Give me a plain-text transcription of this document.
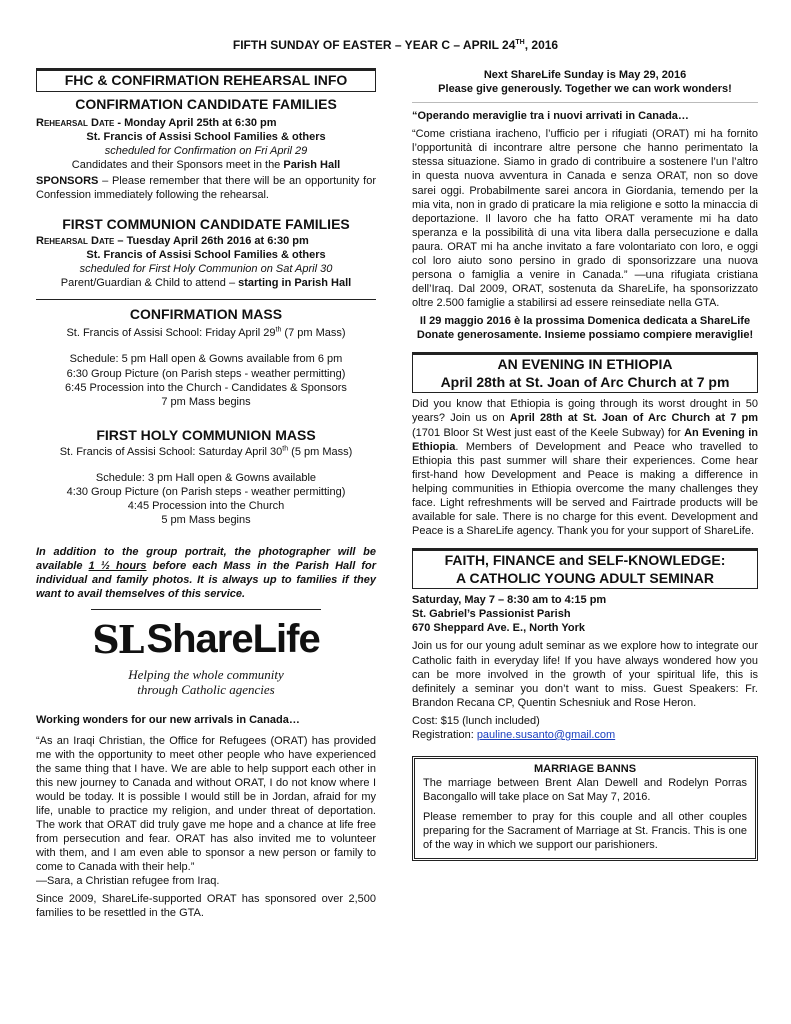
FIFTH SUNDAY OF EASTER – YEAR C – APRIL 24TH, 2016
FHC & CONFIRMATION REHEARSAL INFO
CONFIRMATION CANDIDATE FAMILIES
Rehearsal Date - Monday April 25th at 6:30 pm
St. Francis of Assisi School Families & others
scheduled for Confirmation on Fri April 29
Candidates and their Sponsors meet in the Parish Hall

SPONSORS – Please remember that there will be an opportunity for Confession immediately following the rehearsal.

FIRST COMMUNION CANDIDATE FAMILIES
Rehearsal Date – Tuesday April 26th 2016 at 6:30 pm
St. Francis of Assisi School Families & others
scheduled for First Holy Communion on Sat April 30
Parent/Guardian & Child to attend – starting in Parish Hall
CONFIRMATION MASS
St. Francis of Assisi School: Friday April 29th (7 pm Mass)
Schedule: 5 pm Hall open & Gowns available from 6 pm
6:30 Group Picture (on Parish steps - weather permitting)
6:45 Procession into the Church - Candidates & Sponsors
7 pm Mass begins
FIRST HOLY COMMUNION MASS
St. Francis of Assisi School: Saturday April 30th (5 pm Mass)
Schedule: 3 pm Hall open & Gowns available
4:30 Group Picture (on Parish steps - weather permitting)
4:45 Procession into the Church
5 pm Mass begins

In addition to the group portrait, the photographer will be available 1 ½ hours before each Mass in the Parish Hall for individual and family photos. It is always up to families if they want to avail themselves of this service.

SL ShareLife
Helping the whole community
through Catholic agencies
Working wonders for our new arrivals in Canada…

“As an Iraqi Christian, the Office for Refugees (ORAT) has provided me with the opportunity to meet other people who have experienced the same thing that I have. We are able to help support each other in this new journey to Canada and without ORAT, I do not know where I would be today. It is possible I would still be in Jordan, afraid for my life, unable to practice my religion, and under threat of deportation. The work that ORAT did truly gave me hope and a chance at life free from persecution and fear. ORAT has also invited me to volunteer with them, and I am even able to sponsor a new person or family to come to Canada with their help.”

—Sara, a Christian refugee from Iraq.

Since 2009, ShareLife-supported ORAT has sponsored over 2,500 families to be resettled in the GTA.

Next ShareLife Sunday is May 29, 2016
Please give generously. Together we can work wonders!
“Operando meraviglie tra i nuovi arrivati in Canada…

“Come cristiana iracheno, l’ufficio per i rifugiati (ORAT) mi ha fornito l’opportunità di incontrare altre persone che hanno perimentato la stessa situazione. Siamo in grado di contribuire a sostenere l’un l’altro in questa nuova avventura in Canada e senza ORAT, non so dove sarei oggi. Probabilmente sarei ancora in Giordania, temendo per la mia vita, non in grado di praticare la mia religione e sotto la minaccia di deportazione. Il lavoro che ha fatto ORAT veramente mi ha dato speranza e la possibilità di una vita libera dalla persecuzione e dalla paura. ORAT mi ha anche invitato a fare volontariato con loro, e oggi col loro aiuto sono persino in grado di sponsorizzare una nuova persona o famiglia a venire in Canada.” —una rifugiata cristiana dell’Iraq. Dal 2009, ORAT, sostenuta da ShareLife, ha sponsorizzato oltre 2.500 famiglie a stabilirsi ad essere reinsediate nella GTA.

Il 29 maggio 2016 è la prossima Domenica dedicata a ShareLife
Donate generosamente. Insieme possiamo compiere meraviglie!
AN EVENING IN ETHIOPIA
April 28th at St. Joan of Arc Church at 7 pm

Did you know that Ethiopia is going through its worst drought in 50 years? Join us on April 28th at St. Joan of Arc Church at 7 pm (1701 Bloor St West just east of the Keele Subway) for An Evening in Ethiopia. Members of Development and Peace who travelled to Ethiopia this past summer will share their experiences. Come hear first-hand how Development and Peace is making a difference in helping communities in Ethiopia overcome the many challenges they face. Light refreshments will be served and Fairtrade products will be available for sale. There is no charge for this event. Development and Peace is a ShareLife agency. Thank you for your support of ShareLife.

FAITH, FINANCE and SELF-KNOWLEDGE:
A CATHOLIC YOUNG ADULT SEMINAR
Saturday, May 7 – 8:30 am to 4:15 pm
St. Gabriel’s Passionist Parish
670 Sheppard Ave. E., North York

Join us for our young adult seminar as we explore how to integrate our Catholic faith in everyday life! If you have always wondered how you can be more involved in the growth of your spiritual life, this is definitely a seminar you don’t want to miss. Guest Speakers: Fr. Brandon Recana CP, Quentin Schesniuk and Rose Heron.

Cost: $15 (lunch included)
Registration: pauline.susanto@gmail.com
MARRIAGE BANNS

The marriage between Brent Alan Dewell and Rodelyn Porras Bacongallo will take place on Sat May 7, 2016.

Please remember to pray for this couple and all other couples preparing for the Sacrament of Marriage at St. Francis. This is one of the way in which we support our parishioners.
